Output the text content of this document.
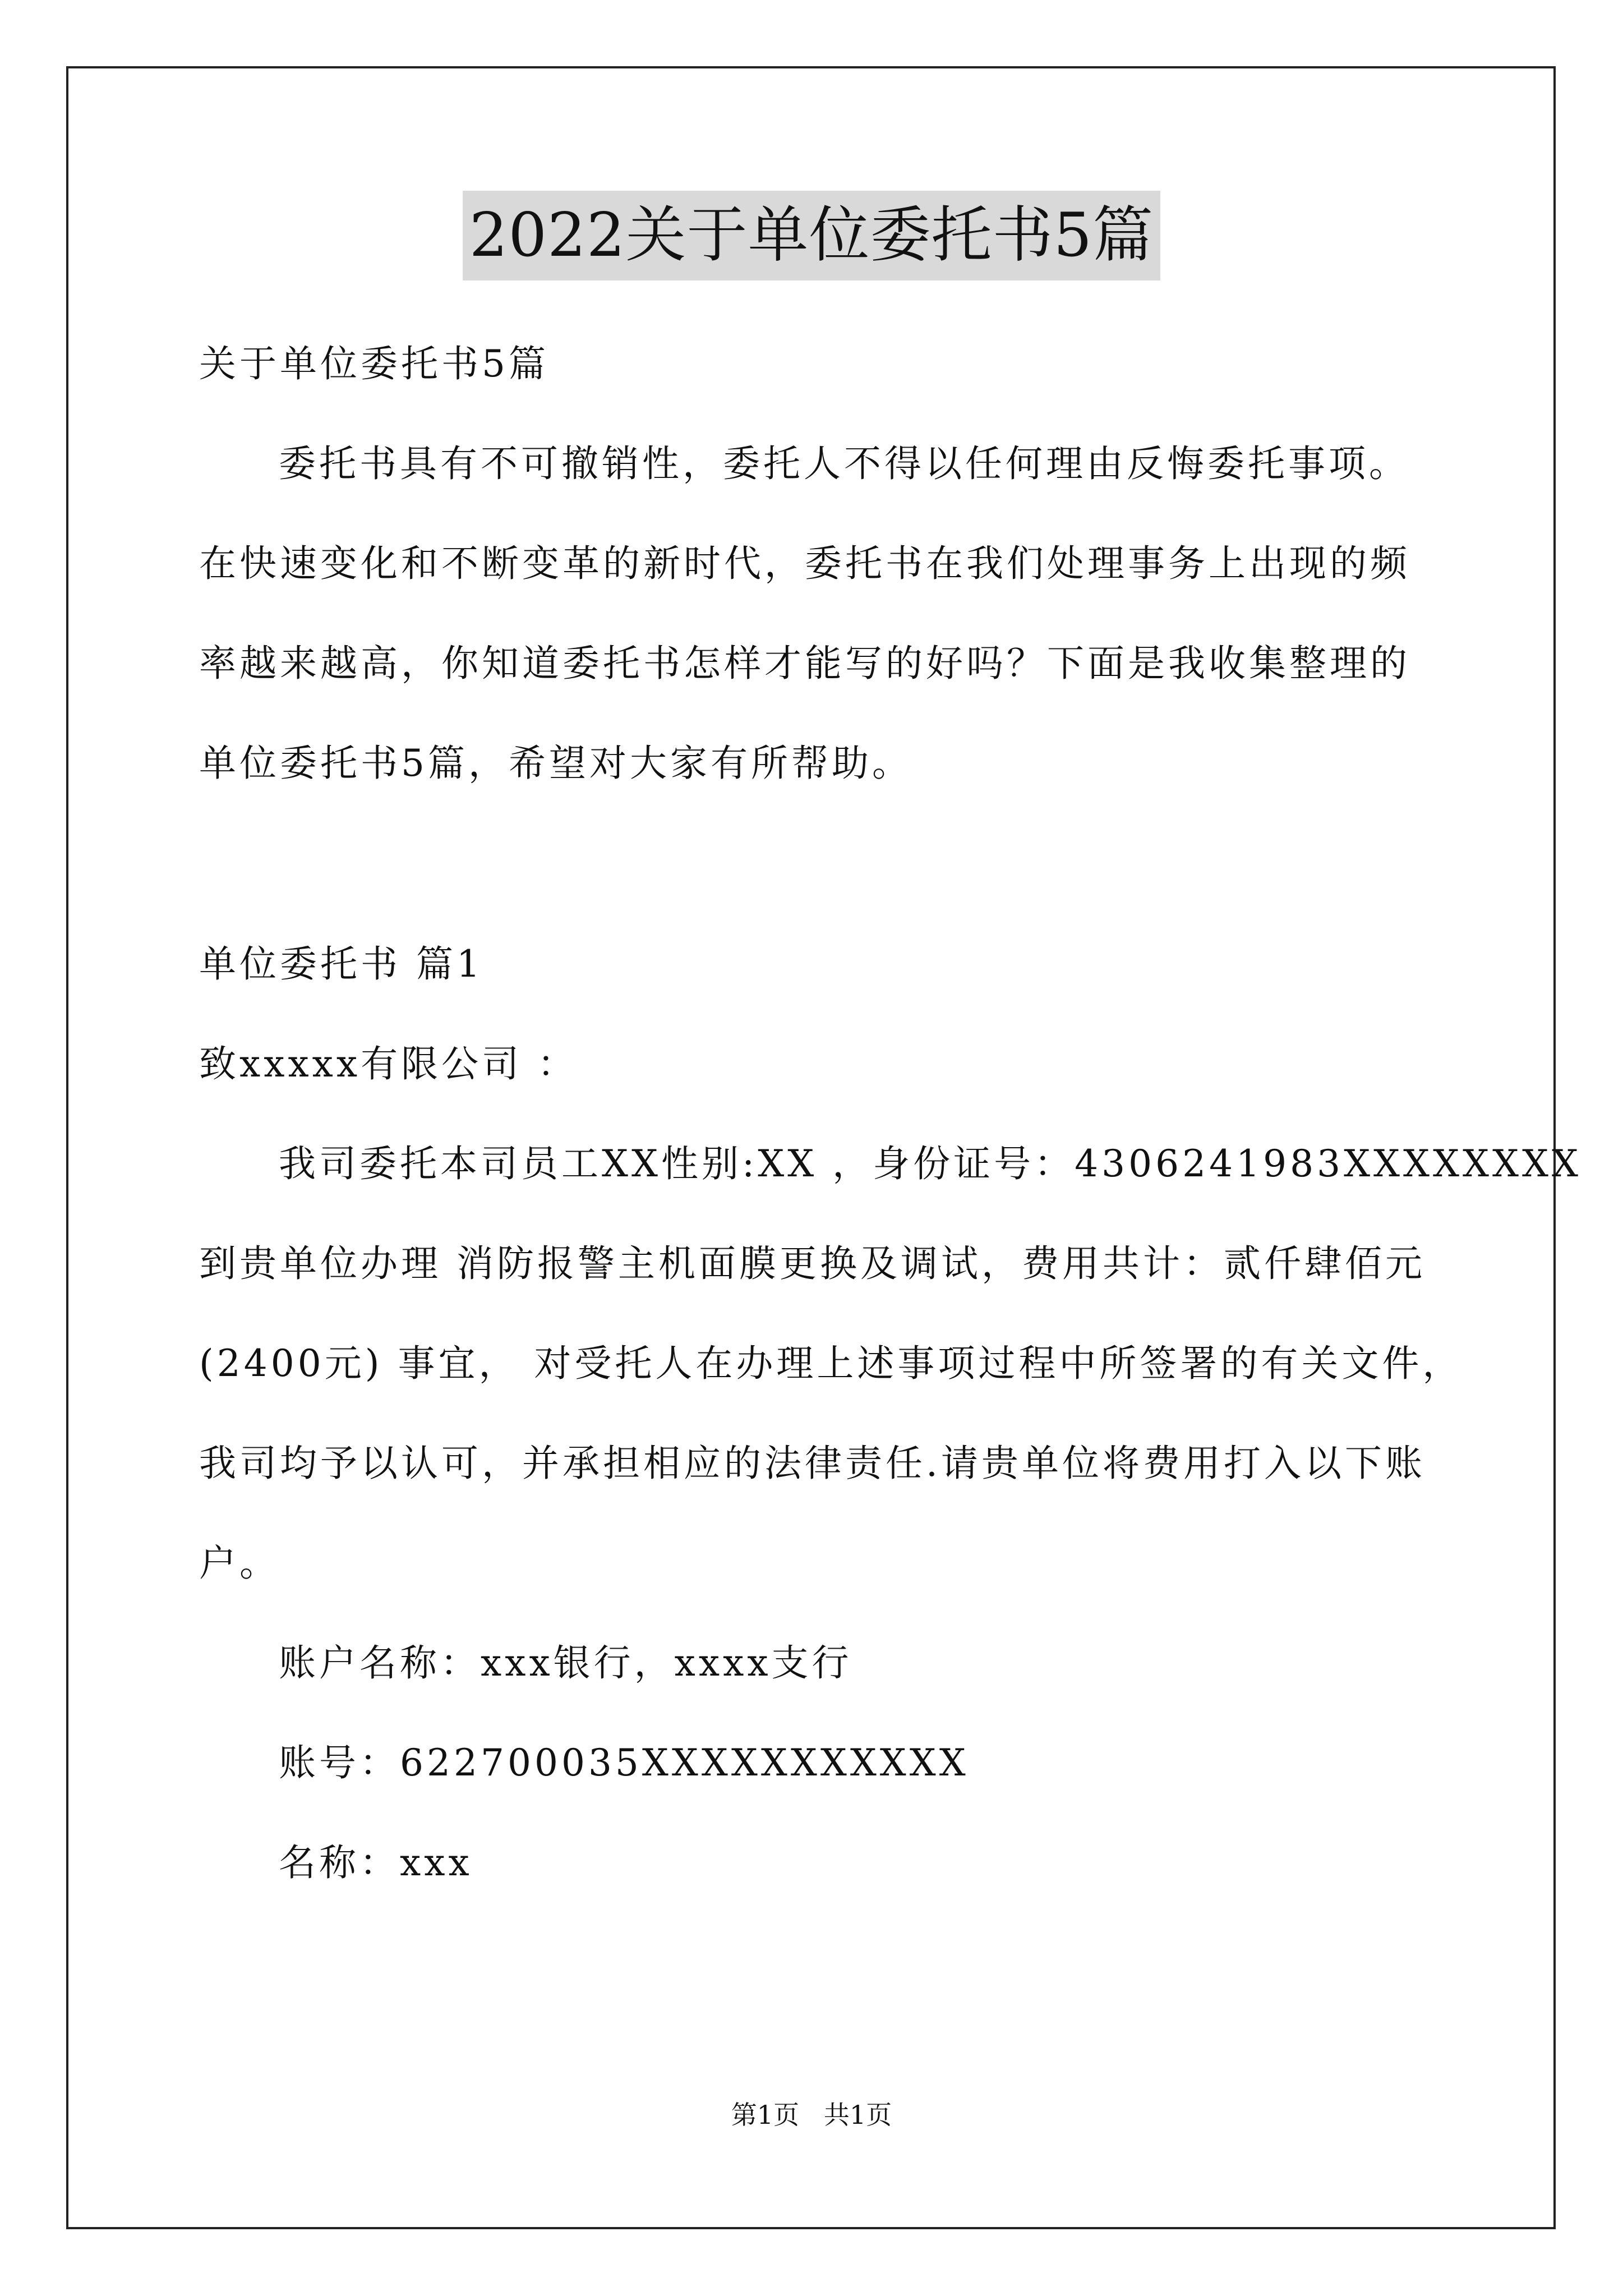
2022关于单位委托书5篇
关于单位委托书5篇
委托书具有不可撤销性，委托人不得以任何理由反悔委托事项。
在快速变化和不断变革的新时代，委托书在我们处理事务上出现的频
率越来越高，你知道委托书怎样才能写的好吗？下面是我收集整理的
单位委托书5篇，希望对大家有所帮助。
单位委托书 篇1
致xxxxx有限公司 ：
我司委托本司员工XX性别:XX ，身份证号：4306241983XXXXXXXX
到贵单位办理 消防报警主机面膜更换及调试，费用共计：贰仟肆佰元
(2400元) 事宜， 对受托人在办理上述事项过程中所签署的有关文件，
我司均予以认可，并承担相应的法律责任.请贵单位将费用打入以下账
户。
账户名称：xxx银行，xxxx支行
账号：622700035XXXXXXXXXXX
名称：xxx
第1页   共1页
